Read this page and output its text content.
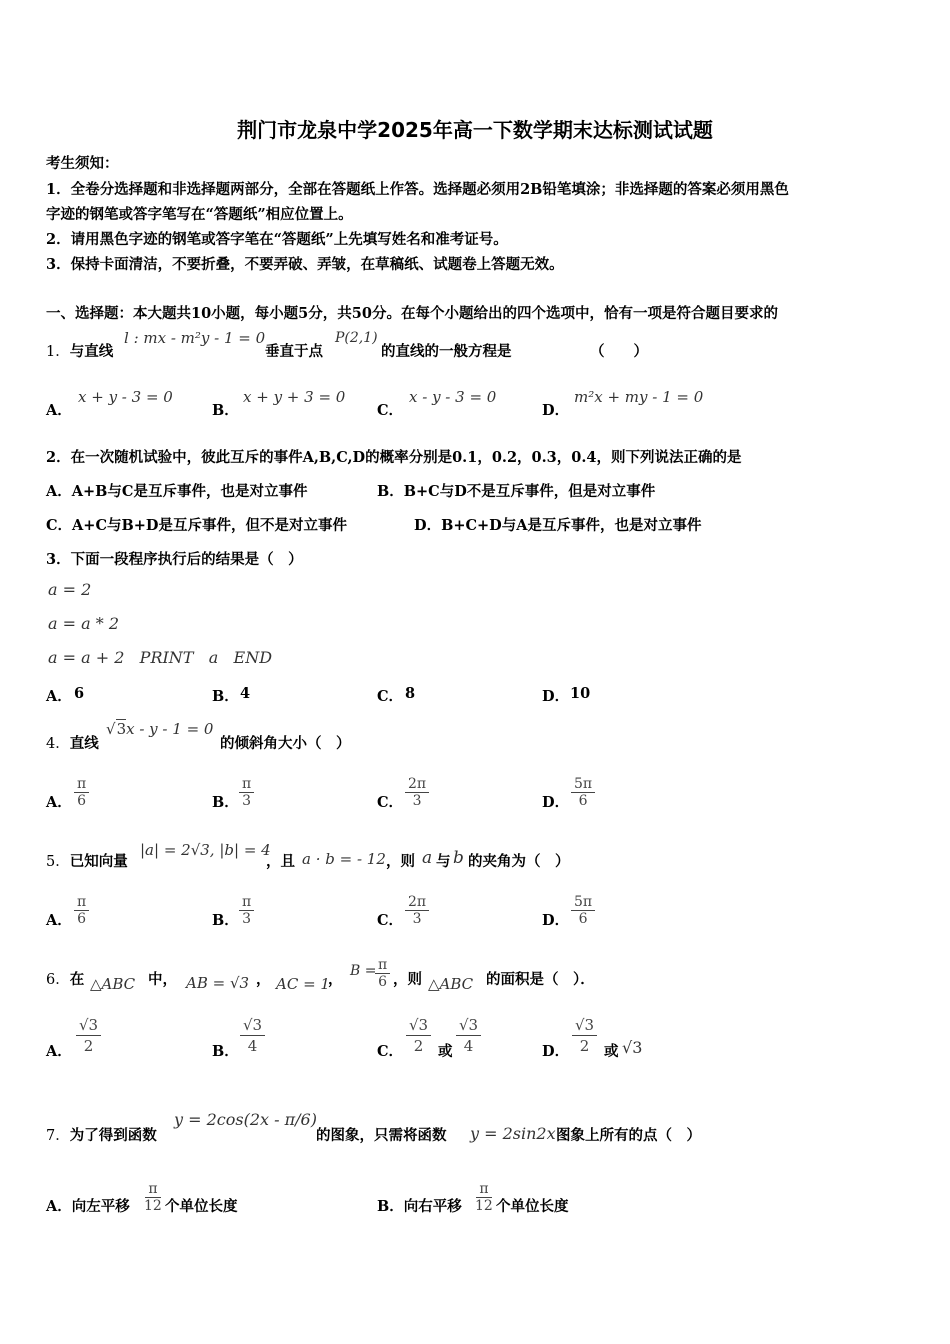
荆门市龙泉中学2025年高一下数学期末达标测试试题
考生须知：
1．全卷分选择题和非选择题两部分，全部在答题纸上作答。选择题必须用2B铅笔填涂；非选择题的答案必须用黑色
字迹的钢笔或答字笔写在“答题纸”相应位置上。
2．请用黑色字迹的钢笔或答字笔在“答题纸”上先填写姓名和准考证号。
3．保持卡面清洁，不要折叠，不要弄破、弄皱，在草稿纸、试题卷上答题无效。
一、选择题：本大题共10小题，每小题5分，共50分。在每个小题给出的四个选项中，恰有一项是符合题目要求的
1．与直线
l : mx - m²y - 1 = 0
垂直于点
P(2,1)
的直线的一般方程是	（　　）
A．
x + y - 3 = 0
B．
x + y + 3 = 0
C．
x - y - 3 = 0
D．
m²x + my - 1 = 0
2．在一次随机试验中，彼此互斥的事件A,B,C,D的概率分别是0.1，0.2，0.3，0.4，则下列说法正确的是
A．A+B与C是互斥事件，也是对立事件	B．B+C与D不是互斥事件，但是对立事件
C．A+C与B+D是互斥事件，但不是对立事件	D．B+C+D与A是互斥事件，也是对立事件
3．下面一段程序执行后的结果是（　）
a = 2
a = a * 2
a = a + 2   PRINT   a   END
A． 6	B． 4	C． 8	D． 10
4．直线
√3x - y - 1 = 0
的倾斜角大小（　）
A． $\frac{\pi}{6}$	B． $\frac{\pi}{3}$	C． $\frac{2\pi}{3}$	D． $\frac{5\pi}{6}$
5．已知向量
|a| = 2√3, |b| = 4
，且 a · b = - 12 ，则 a 与 b 的夹角为（　）
A． $\frac{\pi}{6}$	B． $\frac{\pi}{3}$	C． $\frac{2\pi}{3}$	D． $\frac{5\pi}{6}$
6．在 △ABC 中， AB = √3 ， AC = 1
， B =
$\frac{\pi}{6}$ ，则 △ABC 的面积是（　）．
A． $\frac{√3}{2}$	B． $\frac{√3}{4}$	C． $\frac{√3}{2}$ 或 $\frac{√3}{4}$	D． $\frac{√3}{2}$ 或 √3
7．为了得到函数
y = 2cos(2x - π/6)
的图象，只需将函数 y = 2sin2x 图象上所有的点（　）
A．向左平移 $\frac{\pi}{12}$ 个单位长度	B．向右平移 $\frac{\pi}{12}$ 个单位长度
